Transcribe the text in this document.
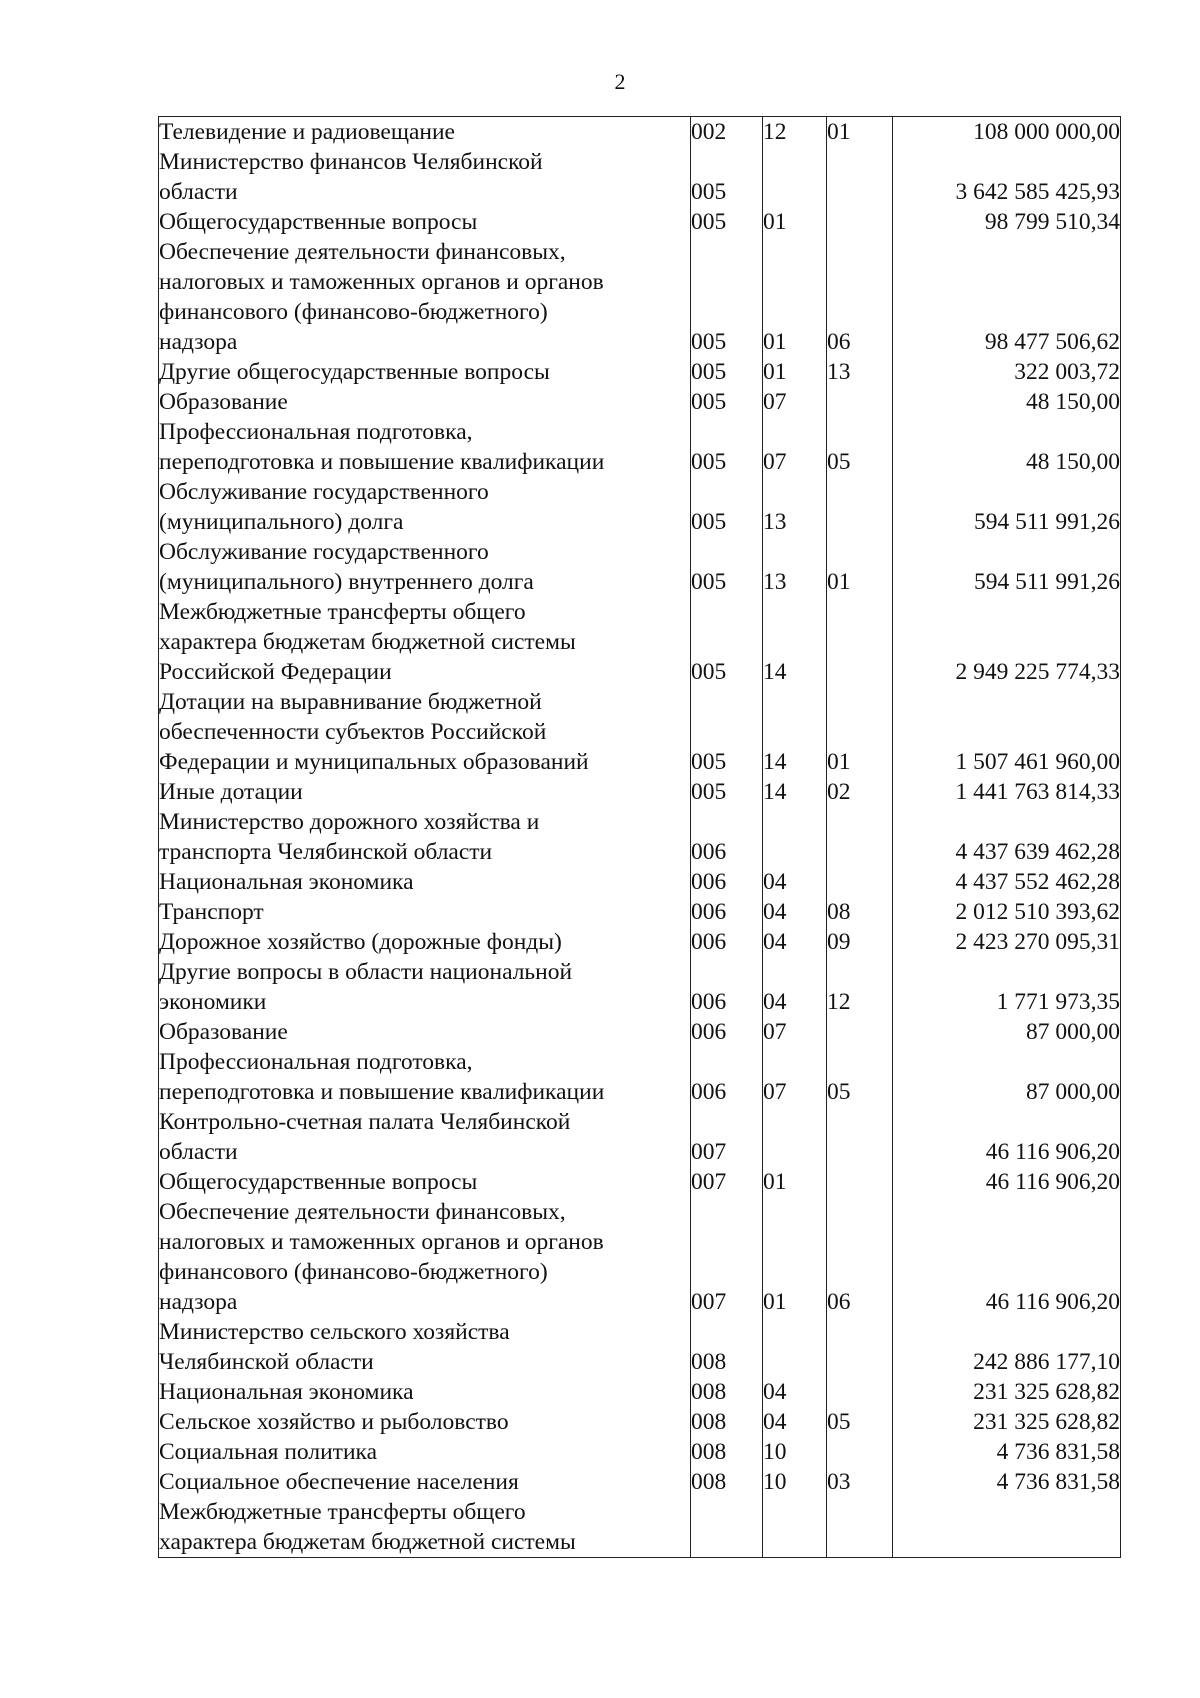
2
Телевидение и радиовещание	002	12	01	108 000 000,00

Министерство финансов Челябинской
области	005			3 642 585 425,93

Общегосударственные вопросы	005	01		98 799 510,34

Обеспечение деятельности финансовых,
налоговых и таможенных органов и органов
финансового (финансово-бюджетного)
надзора	005	01	06	98 477 506,62

Другие общегосударственные вопросы	005	01	13	322 003,72

Образование	005	07		48 150,00

Профессиональная подготовка,
переподготовка и повышение квалификации	005	07	05	48 150,00

Обслуживание государственного
(муниципального) долга	005	13		594 511 991,26

Обслуживание государственного
(муниципального) внутреннего долга	005	13	01	594 511 991,26

Межбюджетные трансферты общего
характера бюджетам бюджетной системы
Российской Федерации	005	14		2 949 225 774,33

Дотации на выравнивание бюджетной
обеспеченности субъектов Российской
Федерации и муниципальных образований	005	14	01	1 507 461 960,00

Иные дотации	005	14	02	1 441 763 814,33

Министерство дорожного хозяйства и
транспорта Челябинской области	006			4 437 639 462,28

Национальная экономика	006	04		4 437 552 462,28

Транспорт	006	04	08	2 012 510 393,62

Дорожное хозяйство (дорожные фонды)	006	04	09	2 423 270 095,31

Другие вопросы в области национальной
экономики	006	04	12	1 771 973,35

Образование	006	07		87 000,00

Профессиональная подготовка,
переподготовка и повышение квалификации	006	07	05	87 000,00

Контрольно-счетная палата Челябинской
области	007			46 116 906,20

Общегосударственные вопросы	007	01		46 116 906,20

Обеспечение деятельности финансовых,
налоговых и таможенных органов и органов
финансового (финансово-бюджетного)
надзора	007	01	06	46 116 906,20

Министерство сельского хозяйства
Челябинской области	008			242 886 177,10

Национальная экономика	008	04		231 325 628,82

Сельское хозяйство и рыболовство	008	04	05	231 325 628,82

Социальная политика	008	10		4 736 831,58

Социальное обеспечение населения	008	10	03	4 736 831,58

Межбюджетные трансферты общего
характера бюджетам бюджетной системы				
